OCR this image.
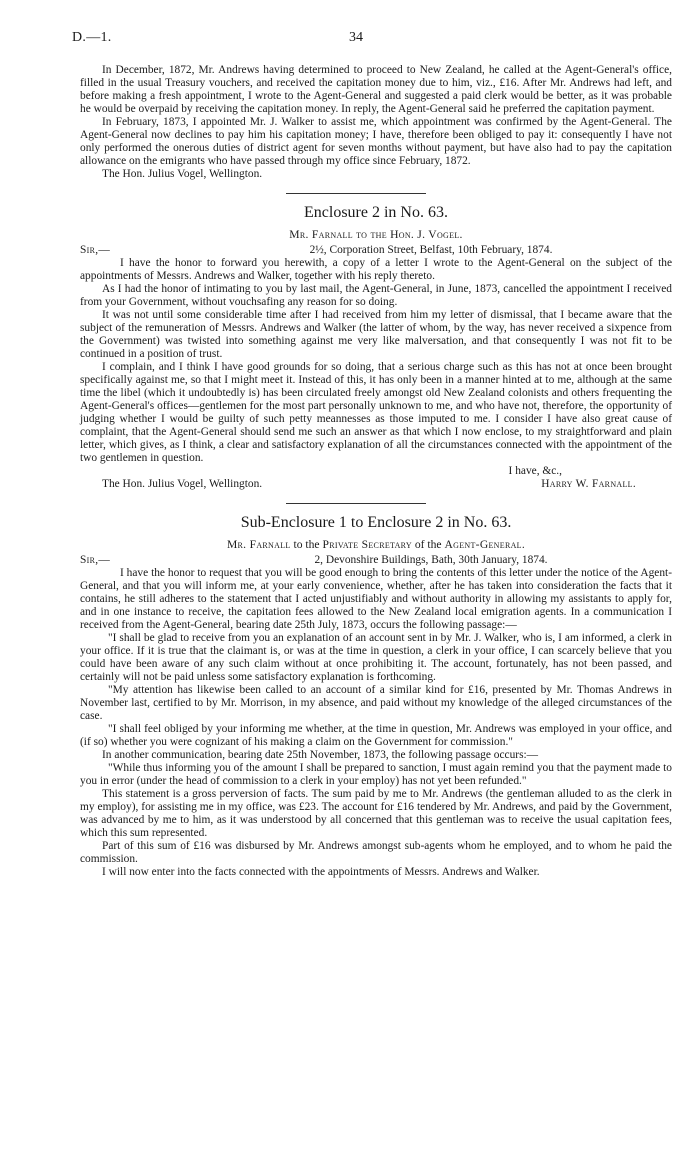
D.—1.	34

In December, 1872, Mr. Andrews having determined to proceed to New Zealand, he called at the Agent-General's office, filled in the usual Treasury vouchers, and received the capitation money due to him, viz., £16. After Mr. Andrews had left, and before making a fresh appointment, I wrote to the Agent-General and suggested a paid clerk would be better, as it was probable he would be overpaid by receiving the capitation money. In reply, the Agent-General said he preferred the capitation payment.

In February, 1873, I appointed Mr. J. Walker to assist me, which appointment was confirmed by the Agent-General. The Agent-General now declines to pay him his capitation money; I have, therefore been obliged to pay it: consequently I have not only performed the onerous duties of district agent for seven months without payment, but have also had to pay the capitation allowance on the emigrants who have passed through my office since February, 1872.

The Hon. Julius Vogel, Wellington.
Enclosure 2 in No. 63.
Mr. Farnall to the Hon. J. Vogel.
Sir,—	2½, Corporation Street, Belfast, 10th February, 1874.

I have the honor to forward you herewith, a copy of a letter I wrote to the Agent-General on the subject of the appointments of Messrs. Andrews and Walker, together with his reply thereto.

As I had the honor of intimating to you by last mail, the Agent-General, in June, 1873, cancelled the appointment I received from your Government, without vouchsafing any reason for so doing.

It was not until some considerable time after I had received from him my letter of dismissal, that I became aware that the subject of the remuneration of Messrs. Andrews and Walker (the latter of whom, by the way, has never received a sixpence from the Government) was twisted into something against me very like malversation, and that consequently I was not fit to be continued in a position of trust.

I complain, and I think I have good grounds for so doing, that a serious charge such as this has not at once been brought specifically against me, so that I might meet it. Instead of this, it has only been in a manner hinted at to me, although at the same time the libel (which it undoubtedly is) has been circulated freely amongst old New Zealand colonists and others frequenting the Agent-General's offices—gentlemen for the most part personally unknown to me, and who have not, therefore, the opportunity of judging whether I would be guilty of such petty meannesses as those imputed to me. I consider I have also great cause of complaint, that the Agent-General should send me such an answer as that which I now enclose, to my straightforward and plain letter, which gives, as I think, a clear and satisfactory explanation of all the circumstances connected with the appointment of the two gentlemen in question.

I have, &c.,
The Hon. Julius Vogel, Wellington.	Harry W. Farnall.
Sub-Enclosure 1 to Enclosure 2 in No. 63.
Mr. Farnall to the Private Secretary of the Agent-General.
Sir,—	2, Devonshire Buildings, Bath, 30th January, 1874.

I have the honor to request that you will be good enough to bring the contents of this letter under the notice of the Agent-General, and that you will inform me, at your early convenience, whether, after he has taken into consideration the facts that it contains, he still adheres to the statement that I acted unjustifiably and without authority in allowing my assistants to apply for, and in one instance to receive, the capitation fees allowed to the New Zealand local emigration agents. In a communication I received from the Agent-General, bearing date 25th July, 1873, occurs the following passage:—

"I shall be glad to receive from you an explanation of an account sent in by Mr. J. Walker, who is, I am informed, a clerk in your office. If it is true that the claimant is, or was at the time in question, a clerk in your office, I can scarcely believe that you could have been aware of any such claim without at once prohibiting it. The account, fortunately, has not been passed, and certainly will not be paid unless some satisfactory explanation is forthcoming.

"My attention has likewise been called to an account of a similar kind for £16, presented by Mr. Thomas Andrews in November last, certified to by Mr. Morrison, in my absence, and paid without my knowledge of the alleged circumstances of the case.

"I shall feel obliged by your informing me whether, at the time in question, Mr. Andrews was employed in your office, and (if so) whether you were cognizant of his making a claim on the Government for commission."

In another communication, bearing date 25th November, 1873, the following passage occurs:—

"While thus informing you of the amount I shall be prepared to sanction, I must again remind you that the payment made to you in error (under the head of commission to a clerk in your employ) has not yet been refunded."

This statement is a gross perversion of facts. The sum paid by me to Mr. Andrews (the gentleman alluded to as the clerk in my employ), for assisting me in my office, was £23. The account for £16 tendered by Mr. Andrews, and paid by the Government, was advanced by me to him, as it was understood by all concerned that this gentleman was to receive the usual capitation fees, which this sum represented.

Part of this sum of £16 was disbursed by Mr. Andrews amongst sub-agents whom he employed, and to whom he paid the commission.

I will now enter into the facts connected with the appointments of Messrs. Andrews and Walker.
